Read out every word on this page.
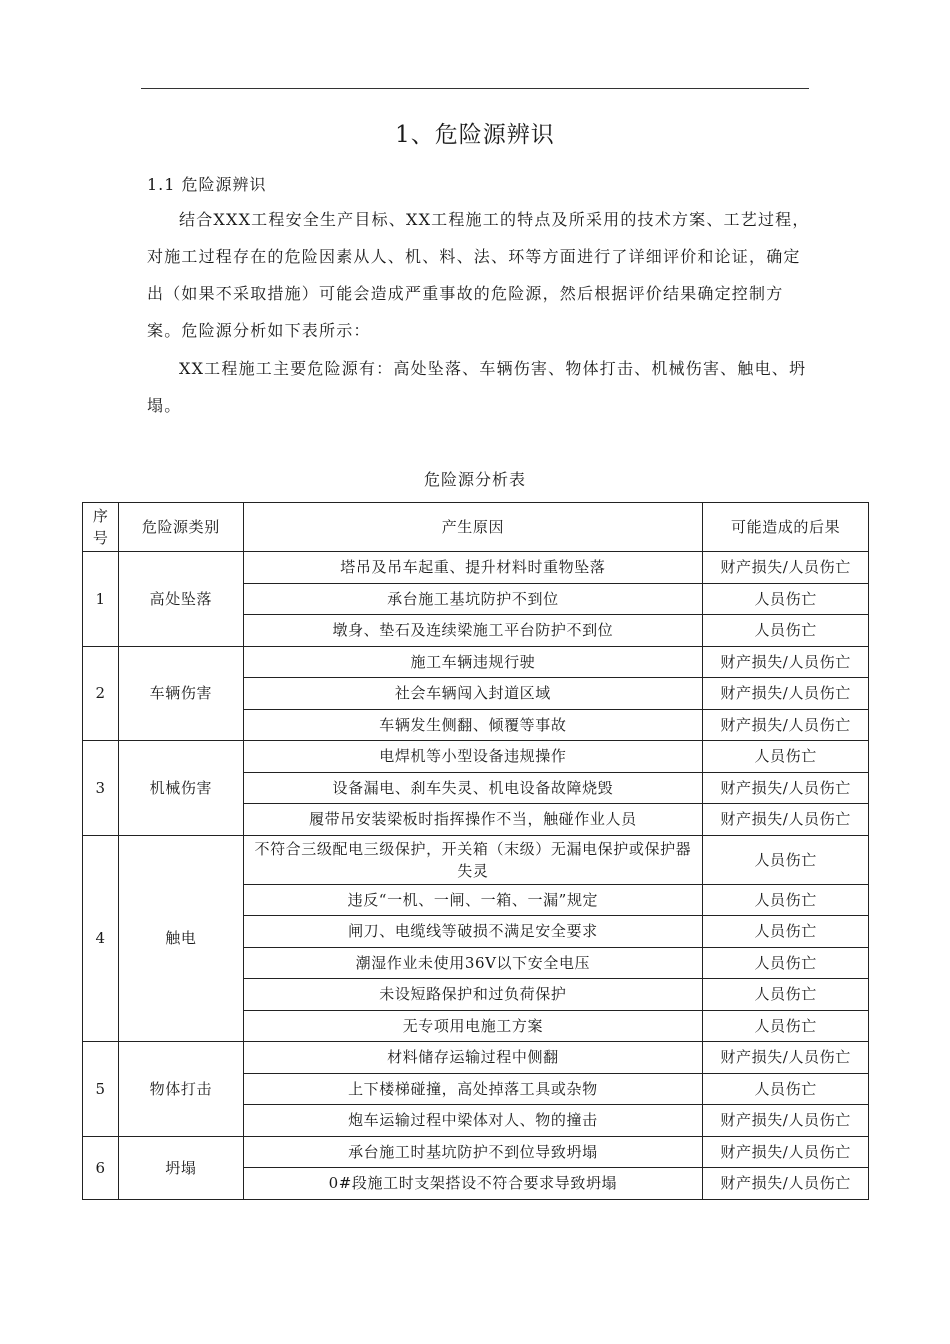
1、危险源辨识
1.1 危险源辨识

结合XXX工程安全生产目标、XX工程施工的特点及所采用的技术方案、工艺过程，对施工过程存在的危险因素从人、机、料、法、环等方面进行了详细评价和论证，确定出（如果不采取措施）可能会造成严重事故的危险源，然后根据评价结果确定控制方案。危险源分析如下表所示：

XX工程施工主要危险源有：高处坠落、车辆伤害、物体打击、机械伤害、触电、坍塌。

危险源分析表
序号	危险源类别	产生原因	可能造成的后果
1	高处坠落	塔吊及吊车起重、提升材料时重物坠落	财产损失/人员伤亡
		承台施工基坑防护不到位	人员伤亡
		墩身、垫石及连续梁施工平台防护不到位	人员伤亡
2	车辆伤害	施工车辆违规行驶	财产损失/人员伤亡
		社会车辆闯入封道区域	财产损失/人员伤亡
		车辆发生侧翻、倾覆等事故	财产损失/人员伤亡
3	机械伤害	电焊机等小型设备违规操作	人员伤亡
		设备漏电、刹车失灵、机电设备故障烧毁	财产损失/人员伤亡
		履带吊安装梁板时指挥操作不当，触碰作业人员	财产损失/人员伤亡
4	触电	不符合三级配电三级保护，开关箱（末级）无漏电保护或保护器失灵	人员伤亡
		违反“一机、一闸、一箱、一漏”规定	人员伤亡
		闸刀、电缆线等破损不满足安全要求	人员伤亡
		潮湿作业未使用36V以下安全电压	人员伤亡
		未设短路保护和过负荷保护	人员伤亡
		无专项用电施工方案	人员伤亡
5	物体打击	材料储存运输过程中侧翻	财产损失/人员伤亡
		上下楼梯碰撞，高处掉落工具或杂物	人员伤亡
		炮车运输过程中梁体对人、物的撞击	财产损失/人员伤亡
6	坍塌	承台施工时基坑防护不到位导致坍塌	财产损失/人员伤亡
		0#段施工时支架搭设不符合要求导致坍塌	财产损失/人员伤亡
